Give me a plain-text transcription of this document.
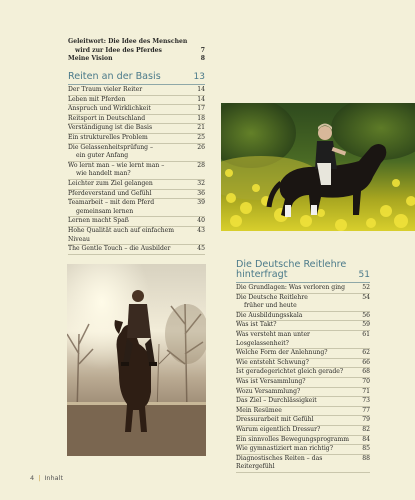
Geleitwort: Die Idee des Menschen
wird zur Idee des Pferdes	7
Meine Vision	8
Reiten an der Basis	13
Der Traum vieler Reiter	14
Leben mit Pferden	14
Anspruch und Wirklichkeit	17
Reitsport in Deutschland	18
Verständigung ist die Basis	21
Ein strukturelles Problem	25
Die Gelassenheitsprüfung –
ein guter Anfang
26
Wo lernt man – wie lernt man –
wie handelt man?
28
Leichter zum Ziel gelangen	32
Pferdeverstand und Gefühl	36
Teamarbeit – mit dem Pferd
gemeinsam lernen
39
Lernen macht Spaß	40
Hohe Qualität auch auf einfachem Niveau
43
The Gentle Touch – die Ausbilder	45
Die Deutsche Reitlehre
hinterfragt	51
Die Grundlagen: Was verloren ging	52
Die Deutsche Reitlehre
früher und heute
54
Die Ausbildungsskala	56
Was ist Takt?	59
Was versteht man unter Losgelassenheit?
61
Welche Form der Anlehnung?	62
Wie entsteht Schwung?	66
Ist geradegerichtet gleich gerade?	68
Was ist Versammlung?	70
Wozu Versammlung?	71
Das Ziel – Durchlässigkeit	73
Mein Resümee	77
Dressurarbeit mit Gefühl	79
Warum eigentlich Dressur?	82
Ein sinnvolles Bewegungsprogramm	84
Wie gymnastiziert man richtig?	85
Diagnostisches Reiten – das Reitergefühl
88
4 | Inhalt
